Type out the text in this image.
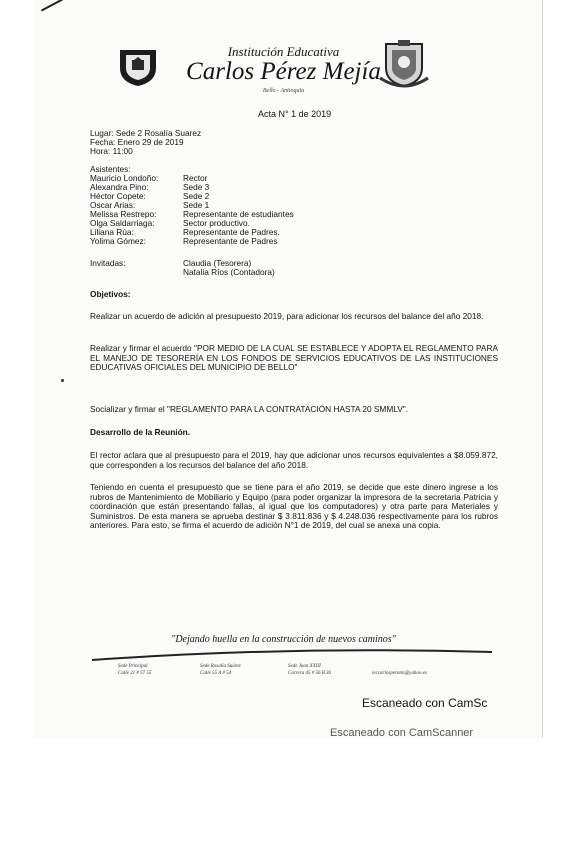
Institución Educativa
Carlos Pérez Mejía
Bello - Antioquia
Acta N° 1 de 2019
Lugar: Sede 2 Rosalía Suarez
Fecha: Enero 29 de 2019
Hora: 11:00
Asistentes:
Mauricio Londoño:	Rector
Alexandra Pino:	Sede 3
Héctor Copete:	Sede 2
Oscar Arias:	Sede 1
Melissa Restrepo:	Representante de estudiantes
Olga Saldarriaga:	Sector productivo.
Liliana Rúa:	Representante de Padres.
Yolima Gómez:	Representante de Padres
Invitadas:	Claudia (Tesorera)
Natalia Ríos (Contadora)
Objetivos:
Realizar un acuerdo de adición al presupuesto 2019, para adicionar los recursos del balance del año 2018.
Realizar y firmar el acuerdo "POR MEDIO DE LA CUAL SE ESTABLECE Y ADOPTA EL REGLAMENTO PARA EL MANEJO DE TESORERÍA EN LOS FONDOS DE SERVICIOS EDUCATIVOS DE LAS INSTITUCIONES EDUCATIVAS OFICIALES DEL MUNICIPIO DE BELLO"
Socializar y firmar el "REGLAMENTO PARA LA CONTRATACIÓN HASTA 20 SMMLV".
Desarrollo de la Reunión.
El rector aclara que al presupuesto para el 2019, hay que adicionar unos recursos equivalentes a $8.059.872, que corresponden a los recursos del balance del año 2018.
Teniendo en cuenta el presupuesto que se tiene para el año 2019, se decide que este dinero ingrese a los rubros de Mantenimiento de Mobiliario y Equipo (para poder organizar la impresora de la secretaria Patricia y coordinación que están presentando fallas, al igual que los computadores) y otra parte para Materiales y Suministros. De esta manera se aprueba destinar $ 3.811.836 y $ 4.248.036 respectivamente para los rubros anteriores. Para esto, se firma el acuerdo de adición N°1 de 2019, del cual se anexa una copia.
"Dejando huella en la construcción de nuevos caminos"
Sede Principal
Calle 21 # 57 55
Sede Rosalía Suárez
Calle 55 A # 54
Sede Juan XXIII
Carrera 45 # 56 B 36	ieccarlosperezm@yahoo.es
Escaneado con CamSc
Escaneado con CamScanner
